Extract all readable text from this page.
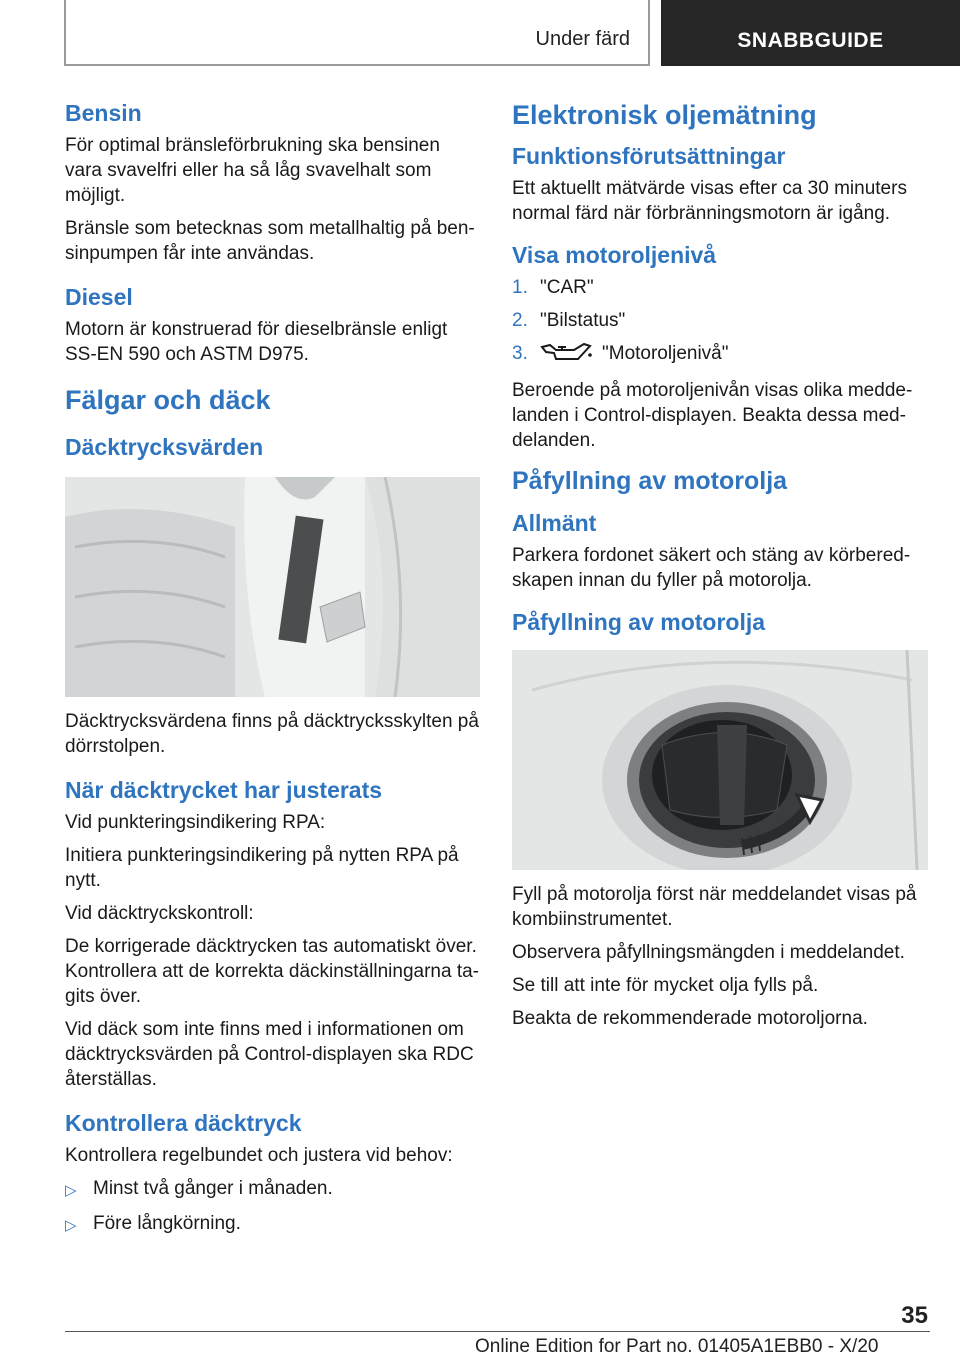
Under färd	SNABBGUIDE
Bensin

För optimal bränsleförbrukning ska bensinen vara svavelfri eller ha så låg svavelhalt som möjligt.

Bränsle som betecknas som metallhaltig på ben-sinpumpen får inte användas.

Diesel

Motorn är konstruerad för dieselbränsle enligt SS-EN 590 och ASTM D975.

Fälgar och däck
Däcktrycksvärden

Däcktrycksvärdena finns på däcktrycksskylten på dörrstolpen.

När däcktrycket har justerats

Vid punkteringsindikering RPA:

Initiera punkteringsindikering på nytten RPA på nytt.

Vid däcktryckskontroll:

De korrigerade däcktrycken tas automatiskt över. Kontrollera att de korrekta däckinställningarna ta-gits över.

Vid däck som inte finns med i informationen om däcktrycksvärden på Control-displayen ska RDC återställas.

Kontrollera däcktryck

Kontrollera regelbundet och justera vid behov:

▷ Minst två gånger i månaden.
▷ Före långkörning.
Elektronisk oljemätning
Funktionsförutsättningar

Ett aktuellt mätvärde visas efter ca 30 minuters normal färd när förbränningsmotorn är igång.

Visa motoroljenivå
1. "CAR"
2. "Bilstatus"
3.	"Motoroljenivå"

Beroende på motoroljenivån visas olika medde-landen i Control-displayen. Beakta dessa med-delanden.

Påfyllning av motorolja
Allmänt

Parkera fordonet säkert och stäng av körbered-skapen innan du fyller på motorolja.

Påfyllning av motorolja

Fyll på motorolja först när meddelandet visas på kombiinstrumentet.

Observera påfyllningsmängden i meddelandet.

Se till att inte för mycket olja fylls på.

Beakta de rekommenderade motoroljorna.

35
Online Edition for Part no. 01405A1EBB0 - X/20
